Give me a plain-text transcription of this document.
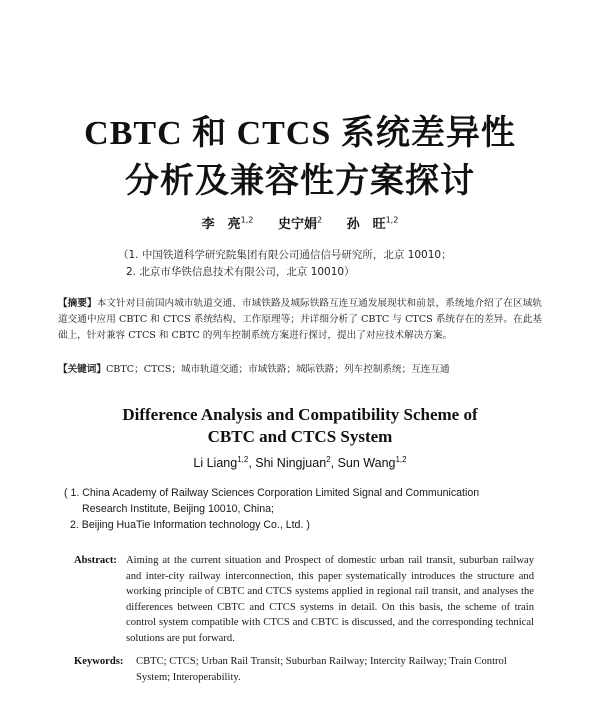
CBTC 和 CTCS 系统差异性
分析及兼容性方案探讨
李　亮$^{1,2}$ 史宁娟$^2$ 孙　旺$^{1,2}$
（1. 中国铁道科学研究院集团有限公司通信信号研究所，北京 10010；
2. 北京市华铁信息技术有限公司，北京 10010）
【摘要】本文针对目前国内城市轨道交通、市域铁路及城际铁路互连互通发展现状和前景，系统地介绍了在区域轨道交通中应用 CBTC 和 CTCS 系统结构、工作原理等；并详细分析了 CBTC 与 CTCS 系统存在的差异。在此基础上，针对兼容 CTCS 和 CBTC 的列车控制系统方案进行探讨，提出了对应技术解决方案。
【关键词】CBTC；CTCS；城市轨道交通；市域铁路；城际铁路；列车控制系统；互连互通
Difference Analysis and Compatibility Scheme of
CBTC and CTCS System
Li Liang$^{1,2}$, Shi Ningjuan$^2$, Sun Wang$^{1,2}$
( 1. China Academy of Railway Sciences Corporation Limited Signal and Communication
Research Institute, Beijing 10010, China;
2. Beijing HuaTie Information technology Co., Ltd. )
Abstract: Aiming at the current situation and Prospect of domestic urban rail transit, suburban railway and inter-city railway interconnection, this paper systematically introduces the structure and working principle of CBTC and CTCS systems applied in regional rail transit, and analyses the differences between CBTC and CTCS systems in detail. On this basis, the scheme of train control system compatible with CTCS and CBTC is discussed, and the corresponding technical solutions are put forward.
Keywords: CBTC; CTCS; Urban Rail Transit; Suburban Railway; Intercity Railway; Train Control System; Interoperability.
